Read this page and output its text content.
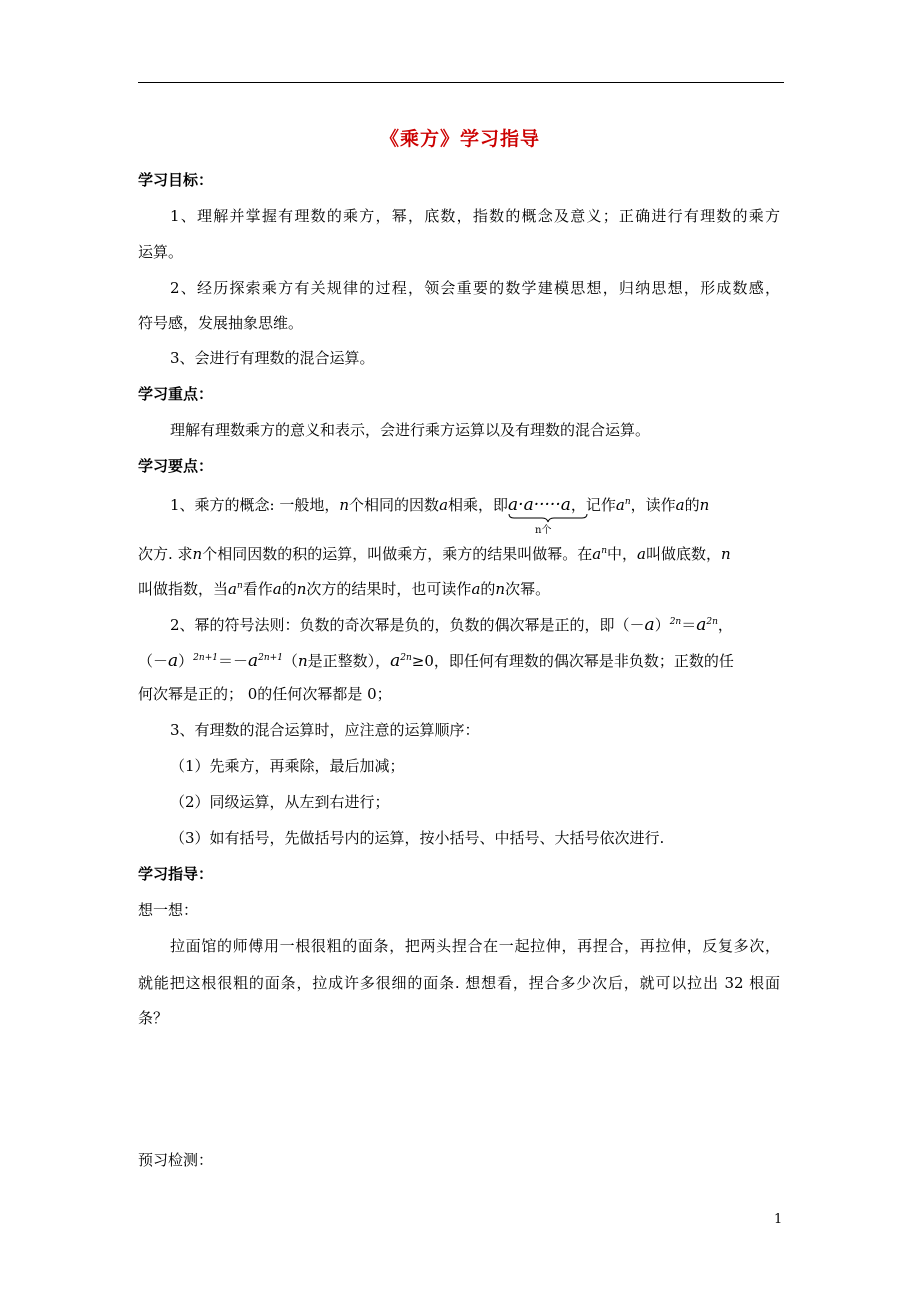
《乘方》学习指导
学习目标：
1、理解并掌握有理数的乘方，幂，底数，指数的概念及意义；正确进行有理数的乘方
运算。
2、经历探索乘方有关规律的过程，领会重要的数学建模思想，归纳思想，形成数感，
符号感，发展抽象思维。
3、会进行有理数的混合运算。
学习重点：
理解有理数乘方的意义和表示，会进行乘方运算以及有理数的混合运算。
学习要点：
1、乘方的概念: 一般地，n个相同的因数a相乘，即a·a·····a
n个
，记作$a^n$，读作a的n
次方. 求n个相同因数的积的运算，叫做乘方，乘方的结果叫做幂。在$a^n$中，a叫做底数，n
叫做指数，当$a^n$看作a的n次方的结果时，也可读作a的n次幂。
2、幂的符号法则：负数的奇次幂是负的，负数的偶次幂是正的，即$(-a)^{2n}=a^{2n}$，
$(-a)^{2n+1}=-a^{2n+1}(n$是正整数），$a^{2n}\ge 0$，即任何有理数的偶次幂是非负数；正数的任
何次幂是正的； 0的任何次幂都是 0；
3、有理数的混合运算时，应注意的运算顺序：
（1）先乘方，再乘除，最后加减；
（2）同级运算，从左到右进行；
（3）如有括号，先做括号内的运算，按小括号、中括号、大括号依次进行.
学习指导：
想一想：
拉面馆的师傅用一根很粗的面条，把两头捏合在一起拉伸，再捏合，再拉伸，反复多次，
就能把这根很粗的面条，拉成许多很细的面条. 想想看，捏合多少次后，就可以拉出 32 根面
条？
预习检测：
1
